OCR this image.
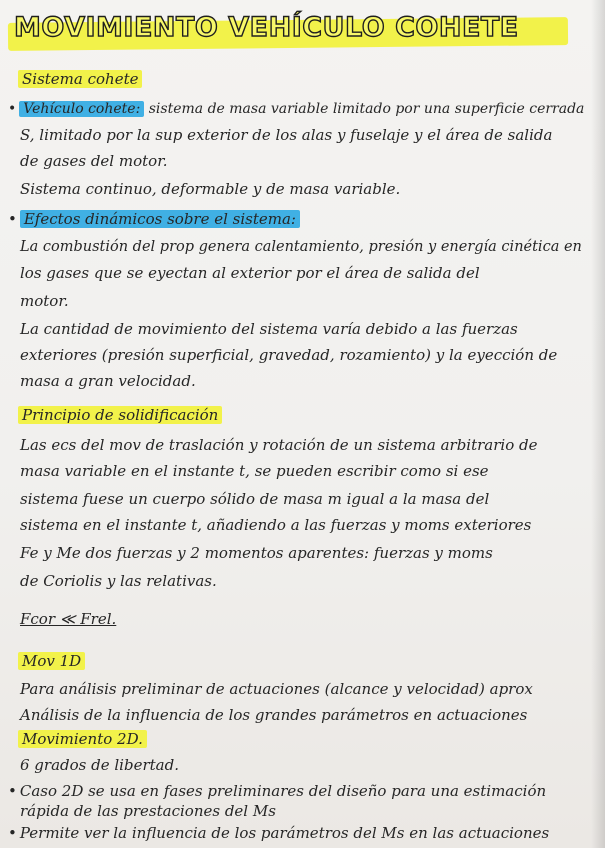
MOVIMIENTO VEHÍCULO COHETE

Sistema cohete

• Vehículo cohete: sistema de masa variable limitado por una superficie cerrada

S, limitado por la sup exterior de los alas y fuselaje y el área de salida

de gases del motor.

Sistema continuo, deformable y de masa variable.

• Efectos dinámicos sobre el sistema:

La combustión del prop genera calentamiento, presión y energía cinética en

los gases que se eyectan al exterior por el área de salida del

motor.

La cantidad de movimiento del sistema varía debido a las fuerzas

exteriores (presión superficial, gravedad, rozamiento) y la eyección de

masa a gran velocidad.

Principio de solidificación

Las ecs del mov de traslación y rotación de un sistema arbitrario de

masa variable en el instante t, se pueden escribir como si ese

sistema fuese un cuerpo sólido de masa m igual a la masa del

sistema en el instante t, añadiendo a las fuerzas y moms exteriores

Fe y Me dos fuerzas y 2 momentos aparentes: fuerzas y moms

de Coriolis y las relativas.

Fcor ≪ Frel.

Mov 1D

Para análisis preliminar de actuaciones (alcance y velocidad) aprox

Análisis de la influencia de los grandes parámetros en actuaciones

Movimiento 2D.

6 grados de libertad.

• Caso 2D se usa en fases preliminares del diseño para una estimación

rápida de las prestaciones del Ms

• Permite ver la influencia de los parámetros del Ms en las actuaciones
